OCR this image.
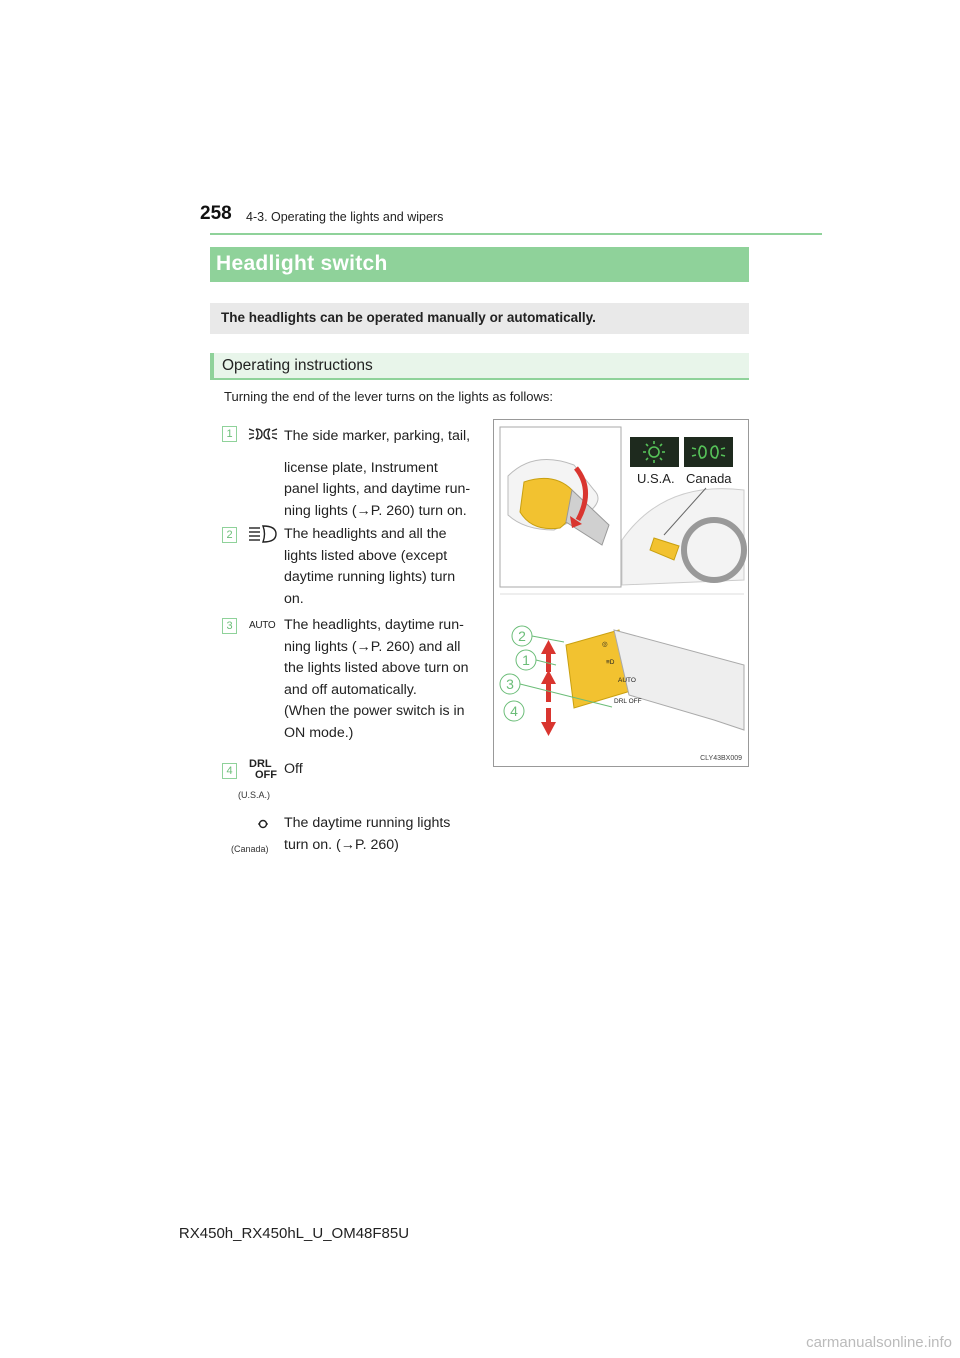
258 4-3. Operating the lights and wipers
Headlight switch
The headlights can be operated manually or automatically.
Operating instructions
Turning the end of the lever turns on the lights as follows:
1	The side marker, parking, tail,
license plate, Instrument
panel lights, and daytime run-
ning lights (→P. 260) turn on.
2	The headlights and all the
lights listed above (except
daytime running lights) turn
on.
3	AUTO The headlights, daytime run-
ning lights (→P. 260) and all
the lights listed above turn on
and off automatically.
(When the power switch is in
ON mode.)
4
DRL
OFF
(U.S.A.)
Off
(Canada)
The daytime running lights
turn on. (→P. 260)
U.S.A. Canada
◎
≡D
AUTO
DRL OFF
2
1
3
4
CLY43BX009
RX450h_RX450hL_U_OM48F85U
carmanualsonline.info
